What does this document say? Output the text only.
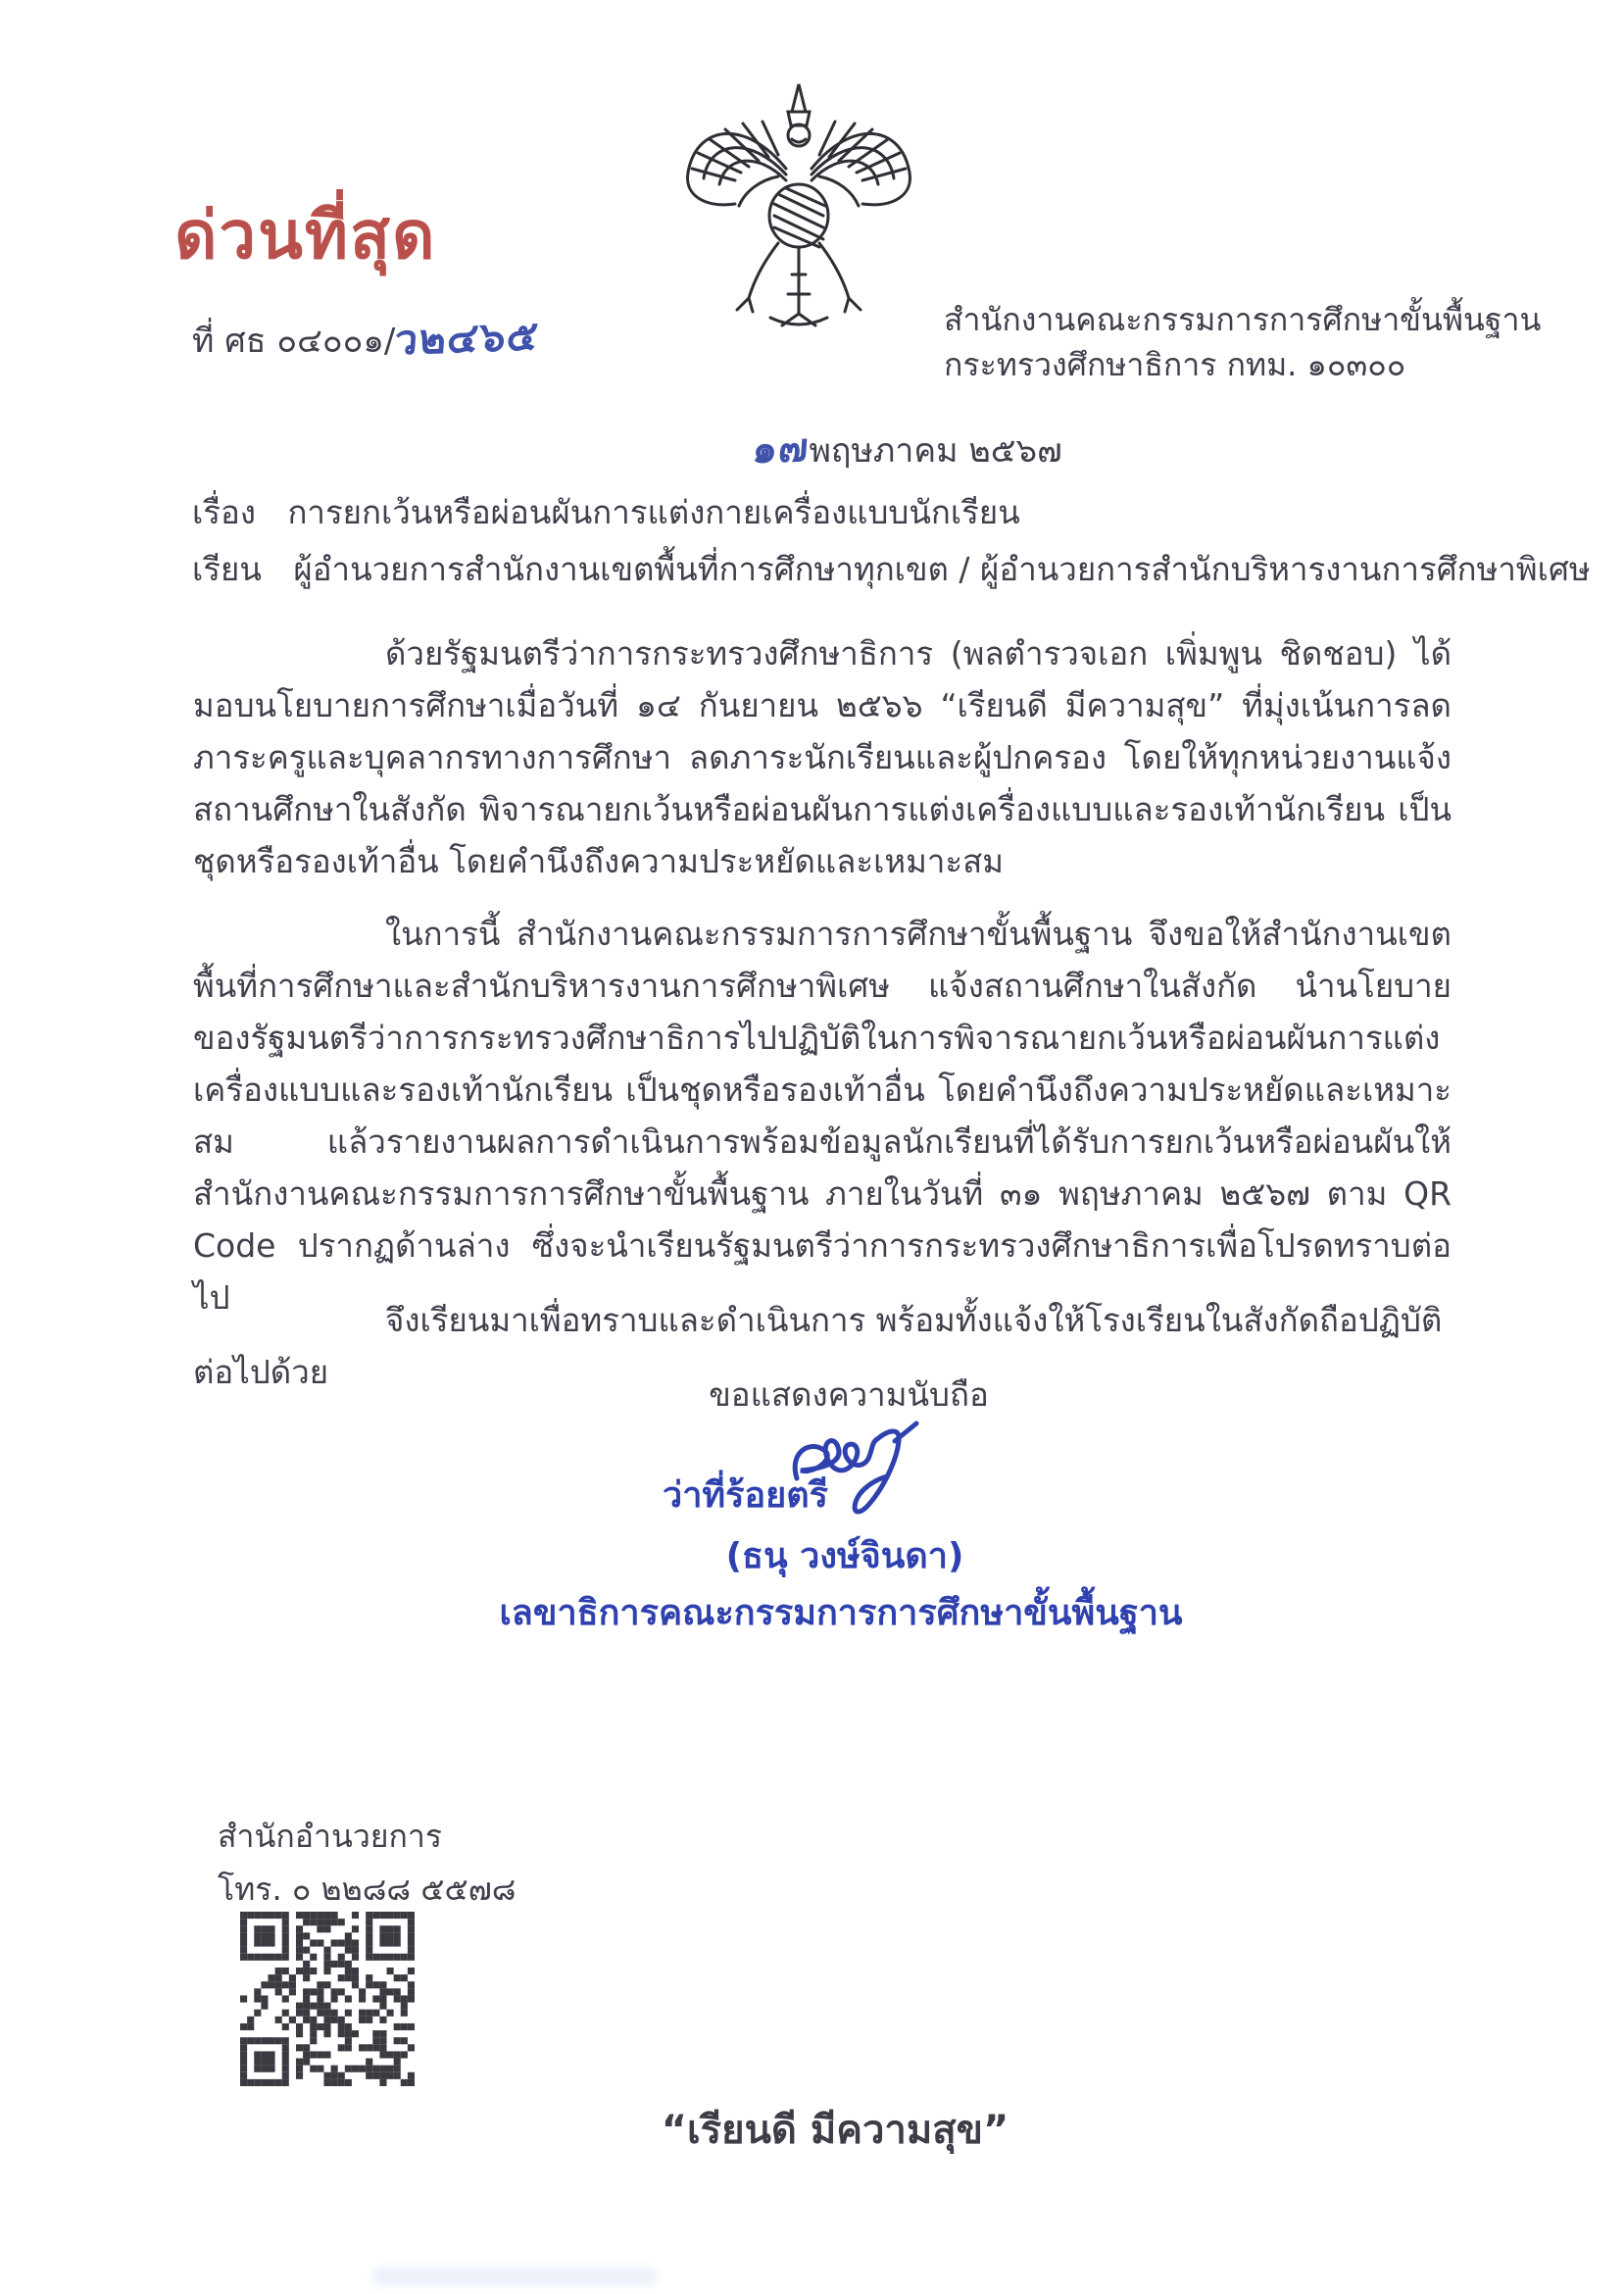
ด่วนที่สุด
ที่ ศธ ๐๔๐๐๑/ว๒๔๖๕	สำนักงานคณะกรรมการการศึกษาขั้นพื้นฐาน
กระทรวงศึกษาธิการ กทม. ๑๐๓๐๐
๑๗พฤษภาคม ๒๕๖๗
เรื่อง การยกเว้นหรือผ่อนผันการแต่งกายเครื่องแบบนักเรียน
เรียน ผู้อำนวยการสำนักงานเขตพื้นที่การศึกษาทุกเขต / ผู้อำนวยการสำนักบริหารงานการศึกษาพิเศษ
ด้วยรัฐมนตรีว่าการกระทรวงศึกษาธิการ (พลตำรวจเอก เพิ่มพูน ชิดชอบ) ได้มอบนโยบายการศึกษาเมื่อวันที่ ๑๔ กันยายน ๒๕๖๖ “เรียนดี มีความสุข” ที่มุ่งเน้นการลดภาระครูและบุคลากรทางการศึกษา ลดภาระนักเรียนและผู้ปกครอง โดยให้ทุกหน่วยงานแจ้งสถานศึกษาในสังกัด พิจารณายกเว้นหรือผ่อนผันการแต่งเครื่องแบบและรองเท้านักเรียน เป็นชุดหรือรองเท้าอื่น โดยคำนึงถึงความประหยัดและเหมาะสม
ในการนี้ สำนักงานคณะกรรมการการศึกษาขั้นพื้นฐาน จึงขอให้สำนักงานเขตพื้นที่การศึกษาและสำนักบริหารงานการศึกษาพิเศษ แจ้งสถานศึกษาในสังกัด นำนโยบายของรัฐมนตรีว่าการกระทรวงศึกษาธิการไปปฏิบัติในการพิจารณายกเว้นหรือผ่อนผันการแต่งเครื่องแบบและรองเท้านักเรียน เป็นชุดหรือรองเท้าอื่น โดยคำนึงถึงความประหยัดและเหมาะสม แล้วรายงานผลการดำเนินการพร้อมข้อมูลนักเรียนที่ได้รับการยกเว้นหรือผ่อนผันให้สำนักงานคณะกรรมการการศึกษาขั้นพื้นฐาน ภายในวันที่ ๓๑ พฤษภาคม ๒๕๖๗ ตาม QR Code ปรากฏด้านล่าง ซึ่งจะนำเรียนรัฐมนตรีว่าการกระทรวงศึกษาธิการเพื่อโปรดทราบต่อไป
จึงเรียนมาเพื่อทราบและดำเนินการ พร้อมทั้งแจ้งให้โรงเรียนในสังกัดถือปฏิบัติต่อไปด้วย
ขอแสดงความนับถือ
ว่าที่ร้อยตรี
(ธนุ วงษ์จินดา)
เลขาธิการคณะกรรมการการศึกษาขั้นพื้นฐาน
สำนักอำนวยการ
โทร. ๐ ๒๒๘๘ ๕๕๗๘
“เรียนดี มีความสุข”
